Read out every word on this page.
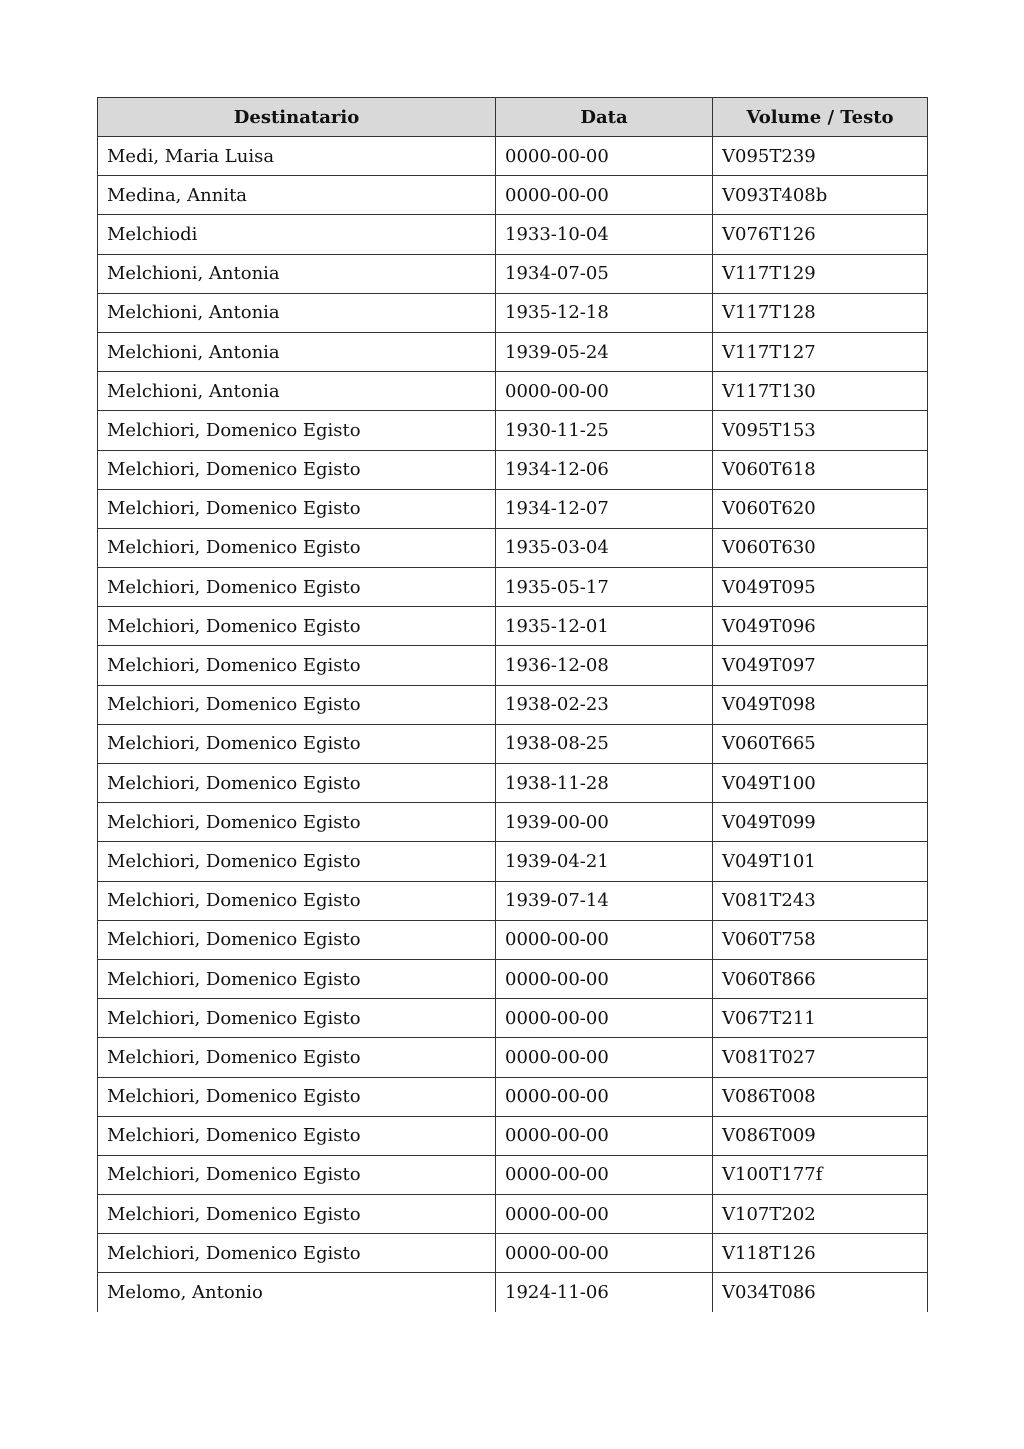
Destinatario	Data	Volume / Testo
Medi, Maria Luisa	0000-00-00	V095T239
Medina, Annita	0000-00-00	V093T408b
Melchiodi	1933-10-04	V076T126
Melchioni, Antonia	1934-07-05	V117T129
Melchioni, Antonia	1935-12-18	V117T128
Melchioni, Antonia	1939-05-24	V117T127
Melchioni, Antonia	0000-00-00	V117T130
Melchiori, Domenico Egisto	1930-11-25	V095T153
Melchiori, Domenico Egisto	1934-12-06	V060T618
Melchiori, Domenico Egisto	1934-12-07	V060T620
Melchiori, Domenico Egisto	1935-03-04	V060T630
Melchiori, Domenico Egisto	1935-05-17	V049T095
Melchiori, Domenico Egisto	1935-12-01	V049T096
Melchiori, Domenico Egisto	1936-12-08	V049T097
Melchiori, Domenico Egisto	1938-02-23	V049T098
Melchiori, Domenico Egisto	1938-08-25	V060T665
Melchiori, Domenico Egisto	1938-11-28	V049T100
Melchiori, Domenico Egisto	1939-00-00	V049T099
Melchiori, Domenico Egisto	1939-04-21	V049T101
Melchiori, Domenico Egisto	1939-07-14	V081T243
Melchiori, Domenico Egisto	0000-00-00	V060T758
Melchiori, Domenico Egisto	0000-00-00	V060T866
Melchiori, Domenico Egisto	0000-00-00	V067T211
Melchiori, Domenico Egisto	0000-00-00	V081T027
Melchiori, Domenico Egisto	0000-00-00	V086T008
Melchiori, Domenico Egisto	0000-00-00	V086T009
Melchiori, Domenico Egisto	0000-00-00	V100T177f
Melchiori, Domenico Egisto	0000-00-00	V107T202
Melchiori, Domenico Egisto	0000-00-00	V118T126
Melomo, Antonio	1924-11-06	V034T086
